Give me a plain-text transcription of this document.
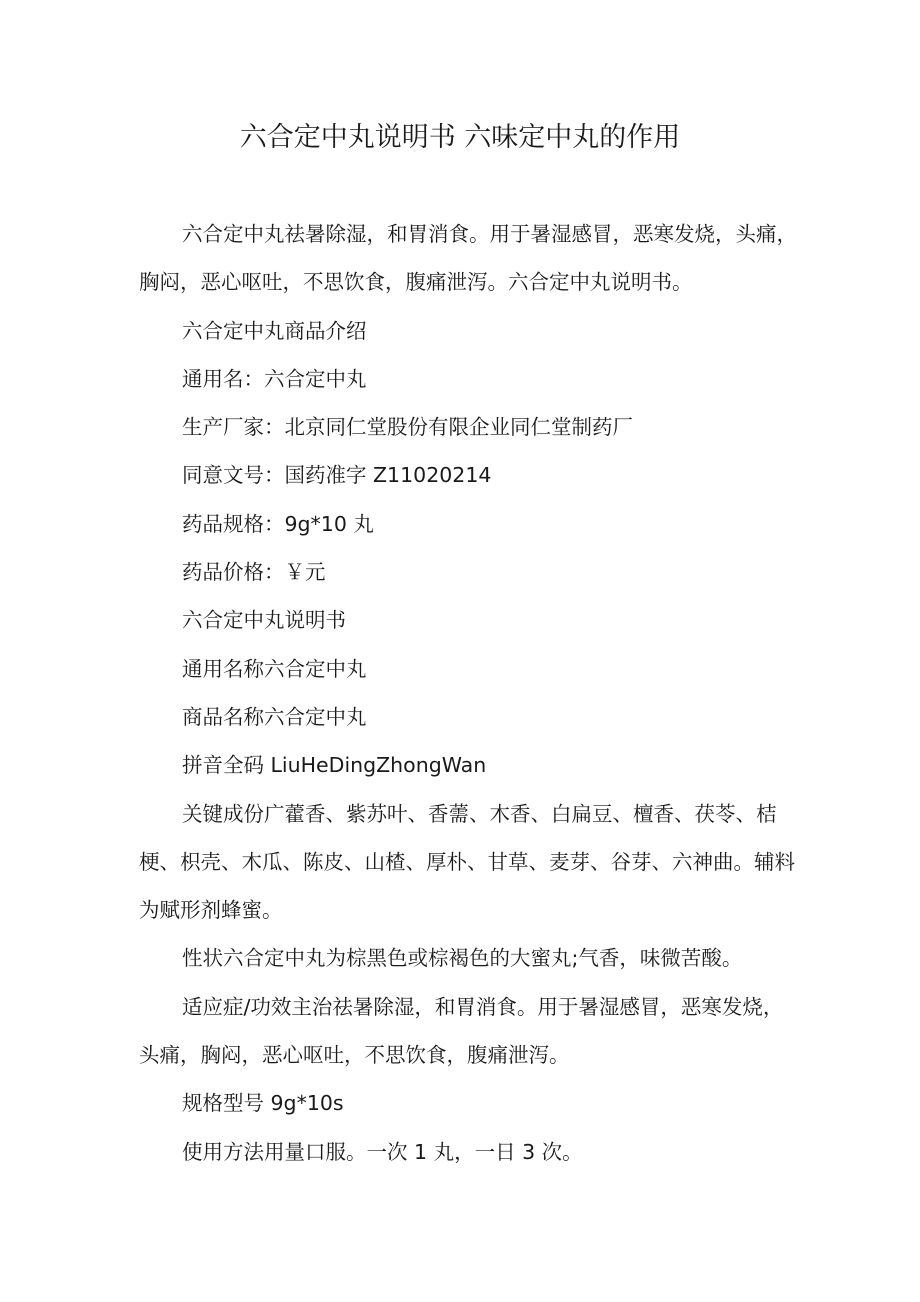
六合定中丸说明书 六味定中丸的作用

六合定中丸祛暑除湿，和胃消食。用于暑湿感冒，恶寒发烧，头痛，胸闷，恶心呕吐，不思饮食，腹痛泄泻。六合定中丸说明书。

六合定中丸商品介绍

通用名：六合定中丸

生产厂家：北京同仁堂股份有限企业同仁堂制药厂

同意文号：国药准字 Z11020214

药品规格：9g*10 丸

药品价格：￥元

六合定中丸说明书

通用名称六合定中丸

商品名称六合定中丸

拼音全码 LiuHeDingZhongWan

关键成份广藿香、紫苏叶、香薷、木香、白扁豆、檀香、茯苓、桔梗、枳壳、木瓜、陈皮、山楂、厚朴、甘草、麦芽、谷芽、六神曲。辅料为赋形剂蜂蜜。

性状六合定中丸为棕黑色或棕褐色的大蜜丸;气香，味微苦酸。

适应症/功效主治祛暑除湿，和胃消食。用于暑湿感冒，恶寒发烧，头痛，胸闷，恶心呕吐，不思饮食，腹痛泄泻。

规格型号 9g*10s

使用方法用量口服。一次 1 丸，一日 3 次。
